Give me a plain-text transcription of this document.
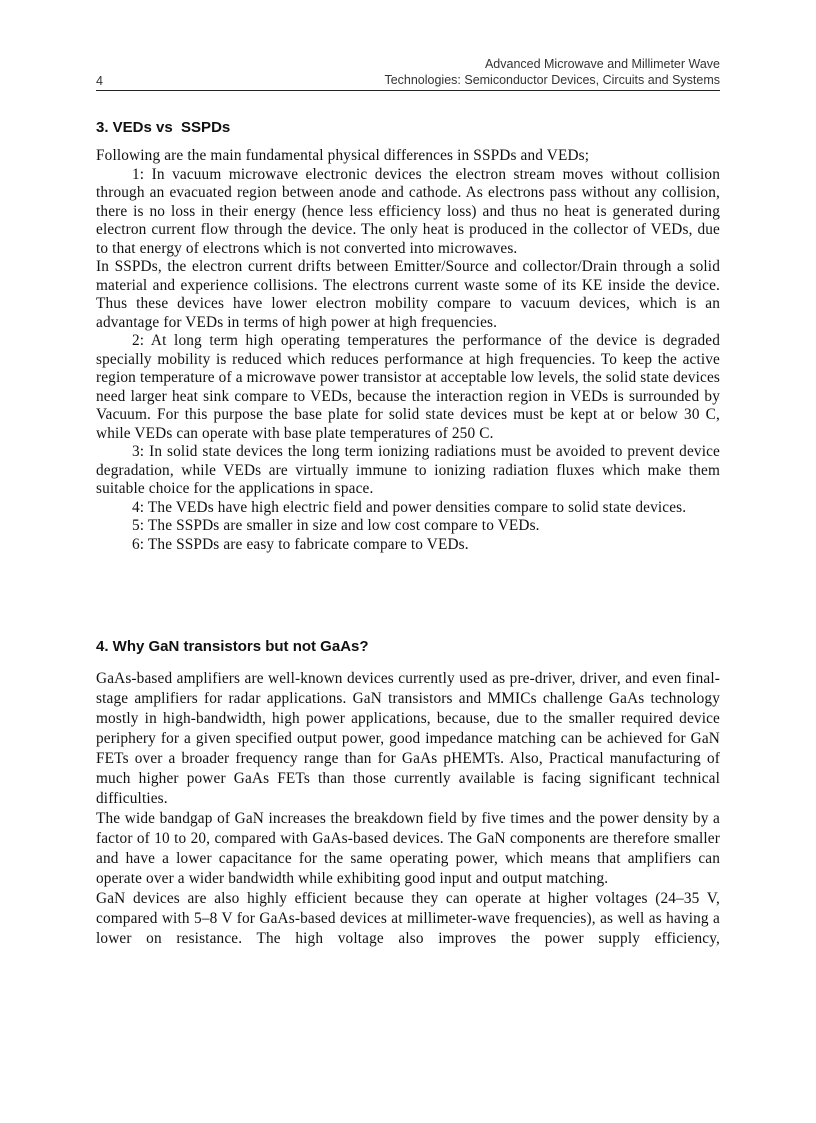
4
Advanced Microwave and Millimeter Wave
Technologies: Semiconductor Devices, Circuits and Systems
3. VEDs vs  SSPDs

Following are the main fundamental physical differences in SSPDs and VEDs;

1: In vacuum microwave electronic devices the electron stream moves without collision through an evacuated region between anode and cathode. As electrons pass without any collision, there is no loss in their energy (hence less efficiency loss) and thus no heat is generated during electron current flow through the device. The only heat is produced in the collector of VEDs, due to that energy of electrons which is not converted into microwaves.

In SSPDs, the electron current drifts between Emitter/Source and collector/Drain through a solid material and experience collisions. The electrons current waste some of its KE inside the device. Thus these devices have lower electron mobility compare to vacuum devices, which is an advantage for VEDs in terms of high power at high frequencies.

2: At long term high operating temperatures the performance of the device is degraded specially mobility is reduced which reduces performance at high frequencies. To keep the active region temperature of a microwave power transistor at acceptable low levels, the solid state devices need larger heat sink compare to VEDs, because the interaction region in VEDs is surrounded by Vacuum. For this purpose the base plate for solid state devices must be kept at or below 30 C, while VEDs can operate with base plate temperatures of 250 C.

3: In solid state devices the long term ionizing radiations must be avoided to prevent device degradation, while VEDs are virtually immune to ionizing radiation fluxes which make them suitable choice for the applications in space.

4: The VEDs have high electric field and power densities compare to solid state devices.

5: The SSPDs are smaller in size and low cost compare to VEDs.

6: The SSPDs are easy to fabricate compare to VEDs.

4. Why GaN transistors but not GaAs?

GaAs-based amplifiers are well-known devices currently used as pre-driver, driver, and even final-stage amplifiers for radar applications. GaN transistors and MMICs challenge GaAs technology mostly in high-bandwidth, high power applications, because, due to the smaller required device periphery for a given specified output power, good impedance matching can be achieved for GaN FETs over a broader frequency range than for GaAs pHEMTs. Also, Practical manufacturing of much higher power GaAs FETs than those currently available is facing significant technical difficulties.

The wide bandgap of GaN increases the breakdown field by five times and the power density by a factor of 10 to 20, compared with GaAs-based devices. The GaN components are therefore smaller and have a lower capacitance for the same operating power, which means that amplifiers can operate over a wider bandwidth while exhibiting good input and output matching.

GaN devices are also highly efficient because they can operate at higher voltages (24–35 V, compared with 5–8 V for GaAs-based devices at millimeter-wave frequencies), as well as having a lower on resistance. The high voltage also improves the power supply efficiency,
